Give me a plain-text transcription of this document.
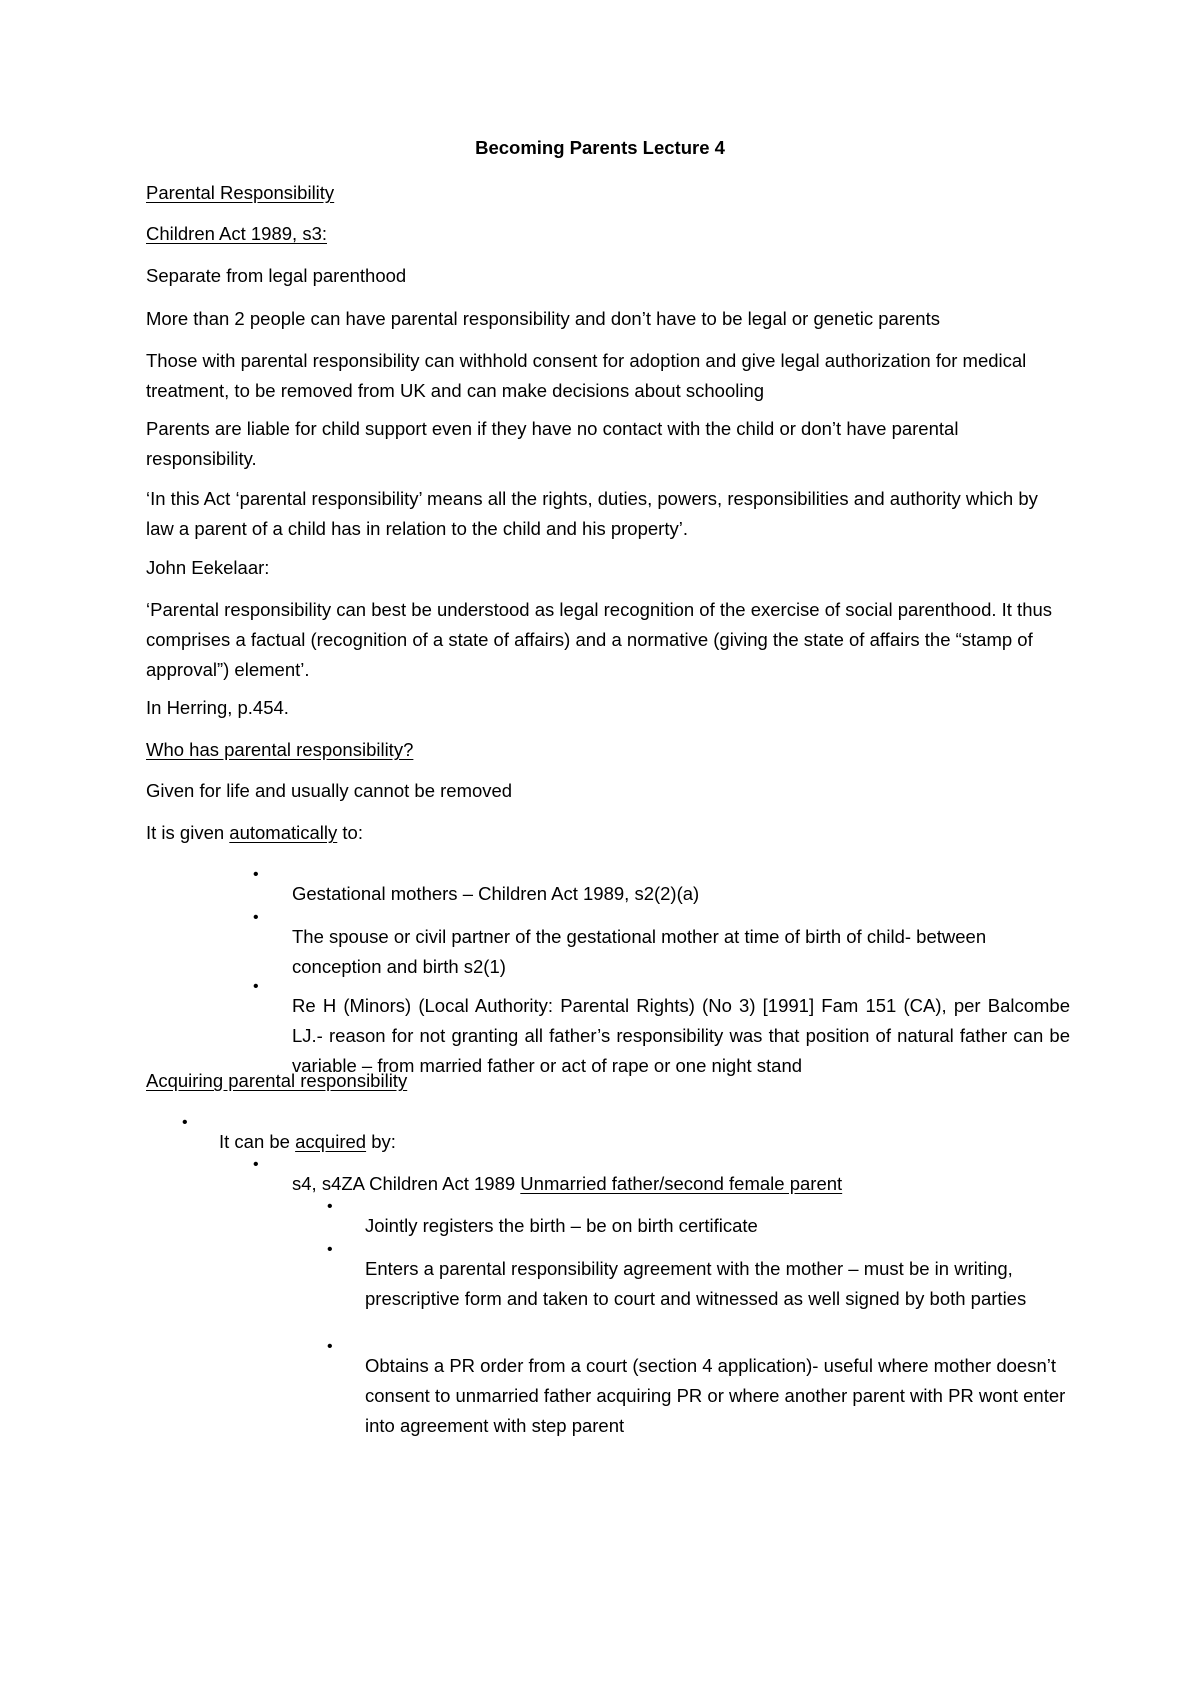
Becoming Parents Lecture 4

Parental Responsibility

Children Act 1989, s3:

Separate from legal parenthood

More than 2 people can have parental responsibility and don’t have to be legal or genetic parents

Those with parental responsibility can withhold consent for adoption and give legal authorization for medical treatment, to be removed from UK and can make decisions about schooling

Parents are liable for child support even if they have no contact with the child or don’t have parental responsibility.

‘In this Act ‘parental responsibility’ means all the rights, duties, powers, responsibilities and authority which by law a parent of a child has in relation to the child and his property’.

John Eekelaar:

‘Parental responsibility can best be understood as legal recognition of the exercise of social parenthood. It thus comprises a factual (recognition of a state of affairs) and a normative (giving the state of affairs the “stamp of approval”) element’.

In Herring, p.454.

Who has parental responsibility?

Given for life and usually cannot be removed

It is given automatically to:

•

Gestational mothers – Children Act 1989, s2(2)(a)

•

The spouse or civil partner of the gestational mother at time of birth of child- between conception and birth s2(1)

•

Re H (Minors) (Local Authority: Parental Rights) (No 3) [1991] Fam 151 (CA), per Balcombe LJ.- reason for not granting all father’s responsibility was that position of natural father can be variable – from married father or act of rape or one night stand

Acquiring parental responsibility

•

It can be acquired by:

•

s4, s4ZA Children Act 1989 Unmarried father/second female parent

•

Jointly registers the birth – be on birth certificate

•

Enters a parental responsibility agreement with the mother – must be in writing, prescriptive form and taken to court and witnessed as well signed by both parties

•

Obtains a PR order from a court (section 4 application)- useful where mother doesn’t consent to unmarried father acquiring PR or where another parent with PR wont enter into agreement with step parent
